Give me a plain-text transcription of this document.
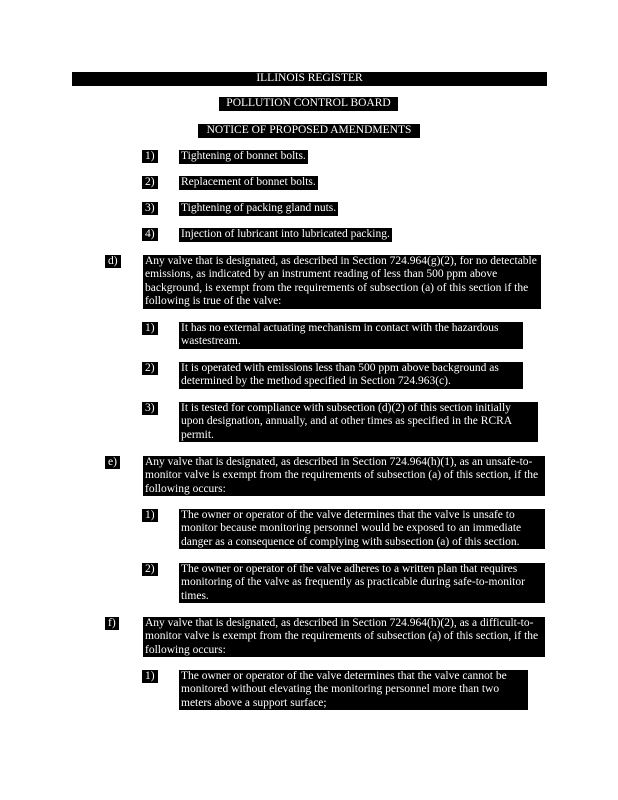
ILLINOIS REGISTER
POLLUTION CONTROL BOARD
NOTICE OF PROPOSED AMENDMENTS
1) Tightening of bonnet bolts.
2) Replacement of bonnet bolts.
3) Tightening of packing gland nuts.
4) Injection of lubricant into lubricated packing.
d) Any valve that is designated, as described in Section 724.964(g)(2), for no detectable emissions, as indicated by an instrument reading of less than 500 ppm above background, is exempt from the requirements of subsection (a) of this section if the following is true of the valve:
1) It has no external actuating mechanism in contact with the hazardous wastestream.
2) It is operated with emissions less than 500 ppm above background as determined by the method specified in Section 724.963(c).
3) It is tested for compliance with subsection (d)(2) of this section initially upon designation, annually, and at other times as specified in the RCRA permit.
e) Any valve that is designated, as described in Section 724.964(h)(1), as an unsafe-to-monitor valve is exempt from the requirements of subsection (a) of this section, if the following occurs:
1) The owner or operator of the valve determines that the valve is unsafe to monitor because monitoring personnel would be exposed to an immediate danger as a consequence of complying with subsection (a) of this section.
2) The owner or operator of the valve adheres to a written plan that requires monitoring of the valve as frequently as practicable during safe-to-monitor times.
f)	Any valve that is designated, as described in Section 724.964(h)(2), as a difficult-to-monitor valve is exempt from the requirements of subsection (a) of this section, if the following occurs:
1) The owner or operator of the valve determines that the valve cannot be monitored without elevating the monitoring personnel more than two meters above a support surface;
